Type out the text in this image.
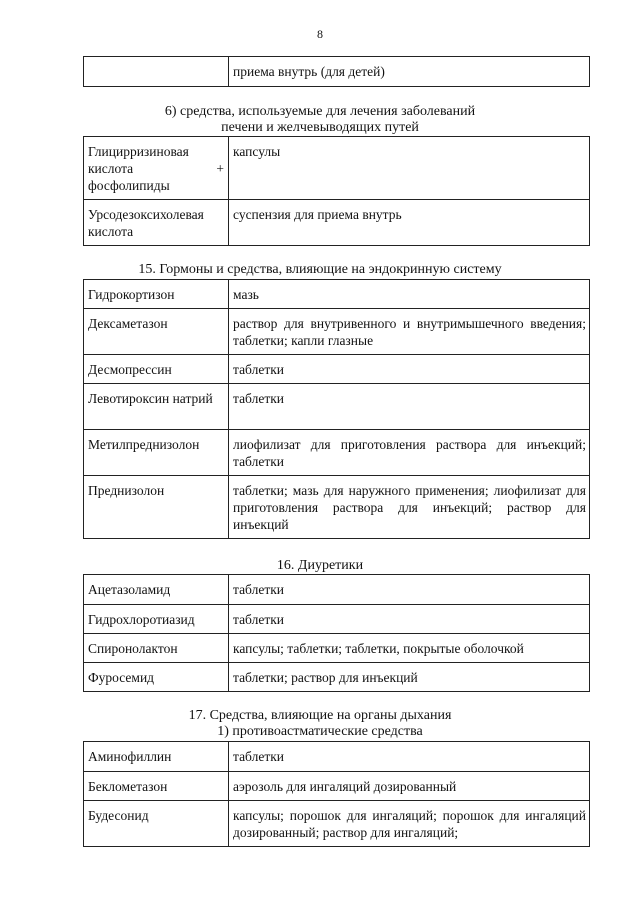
8
	приема внутрь (для детей)
6) средства, используемые для лечения заболеваний
печени и желчевыводящих путей
Глицирризиновая
кислота +
фосфолипиды	капсулы
Урсодезоксихолевая кислота	суспензия для приема внутрь
15. Гормоны и средства, влияющие на эндокринную систему
Гидрокортизон	мазь
Дексаметазон	раствор для внутривенного и внутримышечного введения; таблетки; капли глазные
Десмопрессин	таблетки
Левотироксин натрий	таблетки
Метилпреднизолон	лиофилизат для приготовления раствора для инъекций; таблетки
Преднизолон	таблетки; мазь для наружного применения; лиофилизат для приготовления раствора для инъекций; раствор для инъекций
16. Диуретики
Ацетазоламид	таблетки
Гидрохлоротиазид	таблетки
Спиронолактон	капсулы; таблетки; таблетки, покрытые оболочкой
Фуросемид	таблетки; раствор для инъекций
17. Средства, влияющие на органы дыхания
1) противоастматические средства
Аминофиллин	таблетки
Беклометазон	аэрозоль для ингаляций дозированный
Будесонид	капсулы; порошок для ингаляций; порошок для ингаляций дозированный; раствор для ингаляций;
